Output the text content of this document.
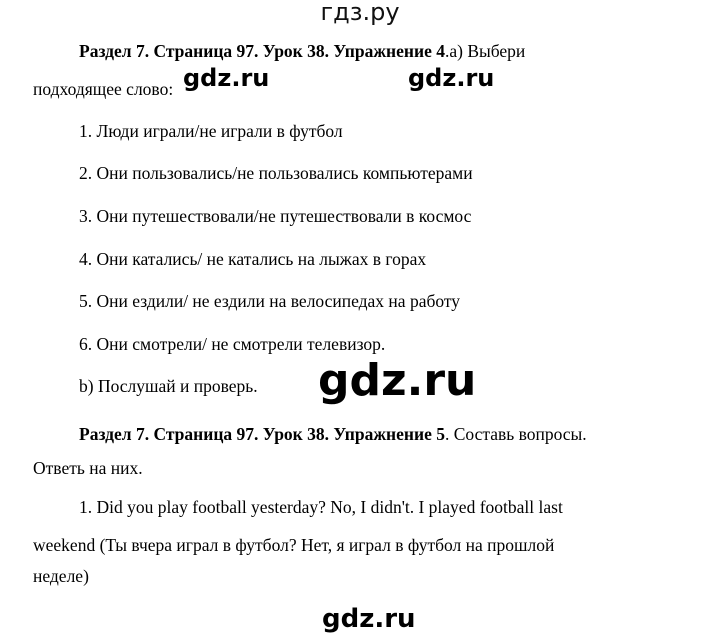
гдз.ру
Раздел 7. Страница 97. Урок 38. Упражнение 4.а) Выбери
подходящее слово: gdz.ru	gdz.ru
1. Люди играли/не играли в футбол
2. Они пользовались/не пользовались компьютерами
3. Они путешествовали/не путешествовали в космос
4. Они катались/ не катались на лыжах в горах
5. Они ездили/ не ездили на велосипедах на работу
6. Они смотрели/ не смотрели телевизор.
b) Послушай и проверь. gdz.ru
Раздел 7. Страница 97. Урок 38. Упражнение 5. Составь вопросы.
Ответь на них.
1. Did you play football yesterday? No, I didn't. I played football last
weekend (Ты вчера играл в футбол? Нет, я играл в футбол на прошлой
неделе)
gdz.ru
